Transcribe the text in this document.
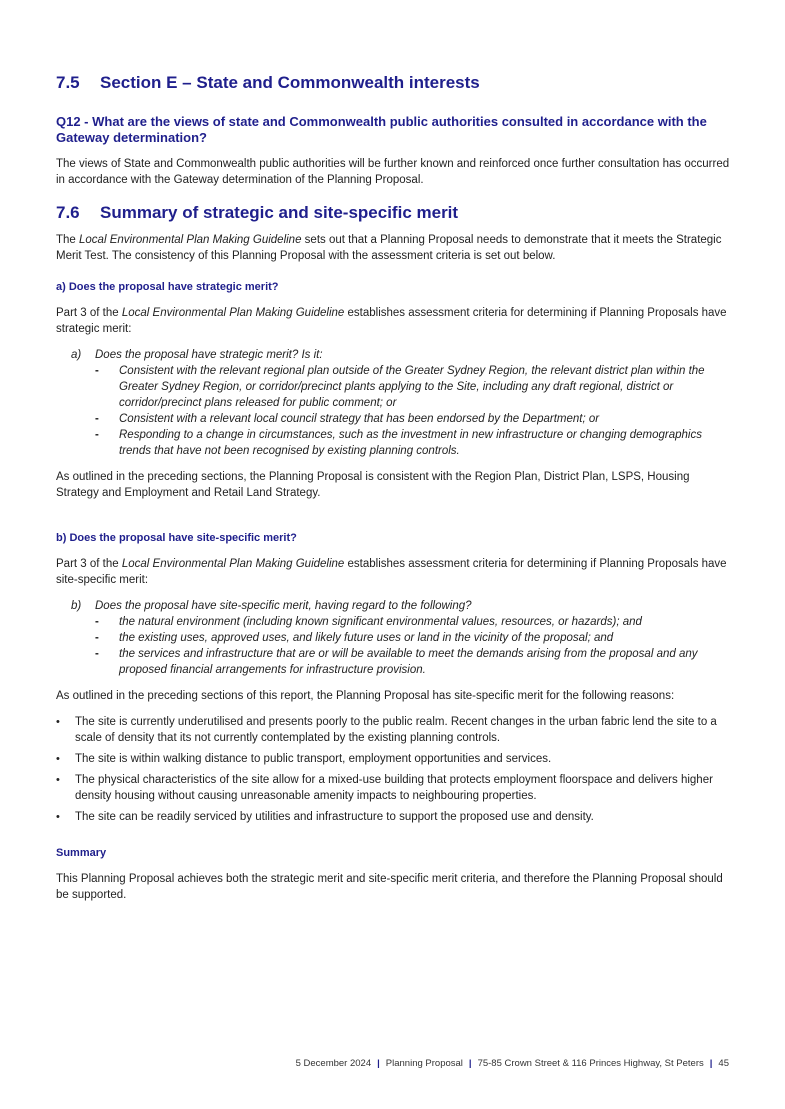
7.5 Section E – State and Commonwealth interests
Q12 - What are the views of state and Commonwealth public authorities consulted in accordance with the Gateway determination?

The views of State and Commonwealth public authorities will be further known and reinforced once further consultation has occurred in accordance with the Gateway determination of the Planning Proposal.

7.6 Summary of strategic and site-specific merit

The Local Environmental Plan Making Guideline sets out that a Planning Proposal needs to demonstrate that it meets the Strategic Merit Test. The consistency of this Planning Proposal with the assessment criteria is set out below.

a) Does the proposal have strategic merit?

Part 3 of the Local Environmental Plan Making Guideline establishes assessment criteria for determining if Planning Proposals have strategic merit:

a)	Does the proposal have strategic merit? Is it:
-	Consistent with the relevant regional plan outside of the Greater Sydney Region, the relevant district plan within the Greater Sydney Region, or corridor/precinct plants applying to the Site, including any draft regional, district or corridor/precinct plans released for public comment; or
-	Consistent with a relevant local council strategy that has been endorsed by the Department; or
-	Responding to a change in circumstances, such as the investment in new infrastructure or changing demographics trends that have not been recognised by existing planning controls.

As outlined in the preceding sections, the Planning Proposal is consistent with the Region Plan, District Plan, LSPS, Housing Strategy and Employment and Retail Land Strategy.

b) Does the proposal have site-specific merit?

Part 3 of the Local Environmental Plan Making Guideline establishes assessment criteria for determining if Planning Proposals have site-specific merit:

b)	Does the proposal have site-specific merit, having regard to the following?
-	the natural environment (including known significant environmental values, resources, or hazards); and
-	the existing uses, approved uses, and likely future uses or land in the vicinity of the proposal; and
-	the services and infrastructure that are or will be available to meet the demands arising from the proposal and any proposed financial arrangements for infrastructure provision.

As outlined in the preceding sections of this report, the Planning Proposal has site-specific merit for the following reasons:

•	The site is currently underutilised and presents poorly to the public realm. Recent changes in the urban fabric lend the site to a scale of density that its not currently contemplated by the existing planning controls.
•	The site is within walking distance to public transport, employment opportunities and services.
•	The physical characteristics of the site allow for a mixed-use building that protects employment floorspace and delivers higher density housing without causing unreasonable amenity impacts to neighbouring properties.
•	The site can be readily serviced by utilities and infrastructure to support the proposed use and density.
Summary

This Planning Proposal achieves both the strategic merit and site-specific merit criteria, and therefore the Planning Proposal should be supported.

5 December 2024 | Planning Proposal | 75-85 Crown Street & 116 Princes Highway, St Peters | 45
